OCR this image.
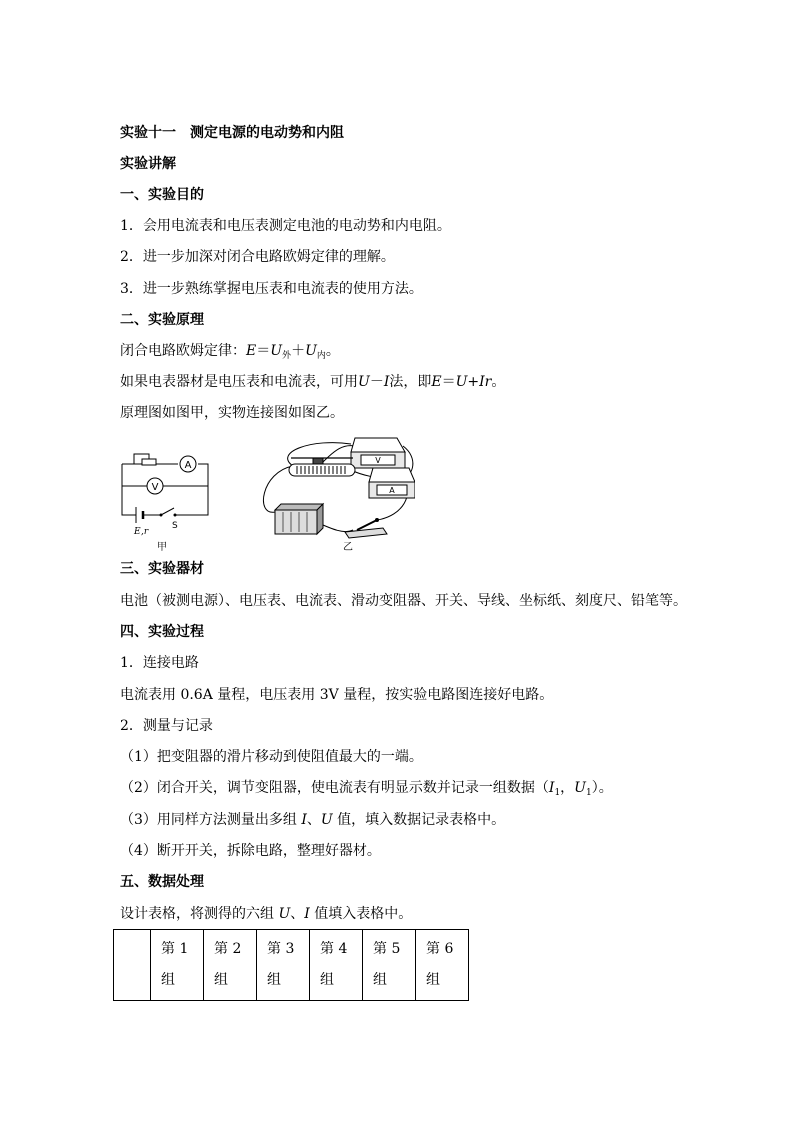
实验十一　测定电源的电动势和内阻
实验讲解
一、实验目的
1．会用电流表和电压表测定电池的电动势和内电阻。
2．进一步加深对闭合电路欧姆定律的理解。
3．进一步熟练掌握电压表和电流表的使用方法。
二、实验原理
闭合电路欧姆定律：$E=U_外+U_内$。
如果电表器材是电压表和电流表，可用U－I法，即E＝U+Ir。
原理图如图甲，实物连接图如图乙。
A
V
E ,r
S
甲
V
A
乙
三、实验器材
电池（被测电源）、电压表、电流表、滑动变阻器、开关、导线、坐标纸、刻度尺、铅笔等。
四、实验过程
1．连接电路
电流表用 0.6A 量程，电压表用 3V 量程，按实验电路图连接好电路。
2．测量与记录
（1）把变阻器的滑片移动到使阻值最大的一端。
（2）闭合开关，调节变阻器，使电流表有明显示数并记录一组数据（$I_1$，$U_1$）。
（3）用同样方法测量出多组 I、U 值，填入数据记录表格中。
（4）断开开关，拆除电路，整理好器材。
五、数据处理
设计表格，将测得的六组 U、I 值填入表格中。
	第 1
组	第 2
组	第 3
组	第 4
组	第 5
组	第 6
组
